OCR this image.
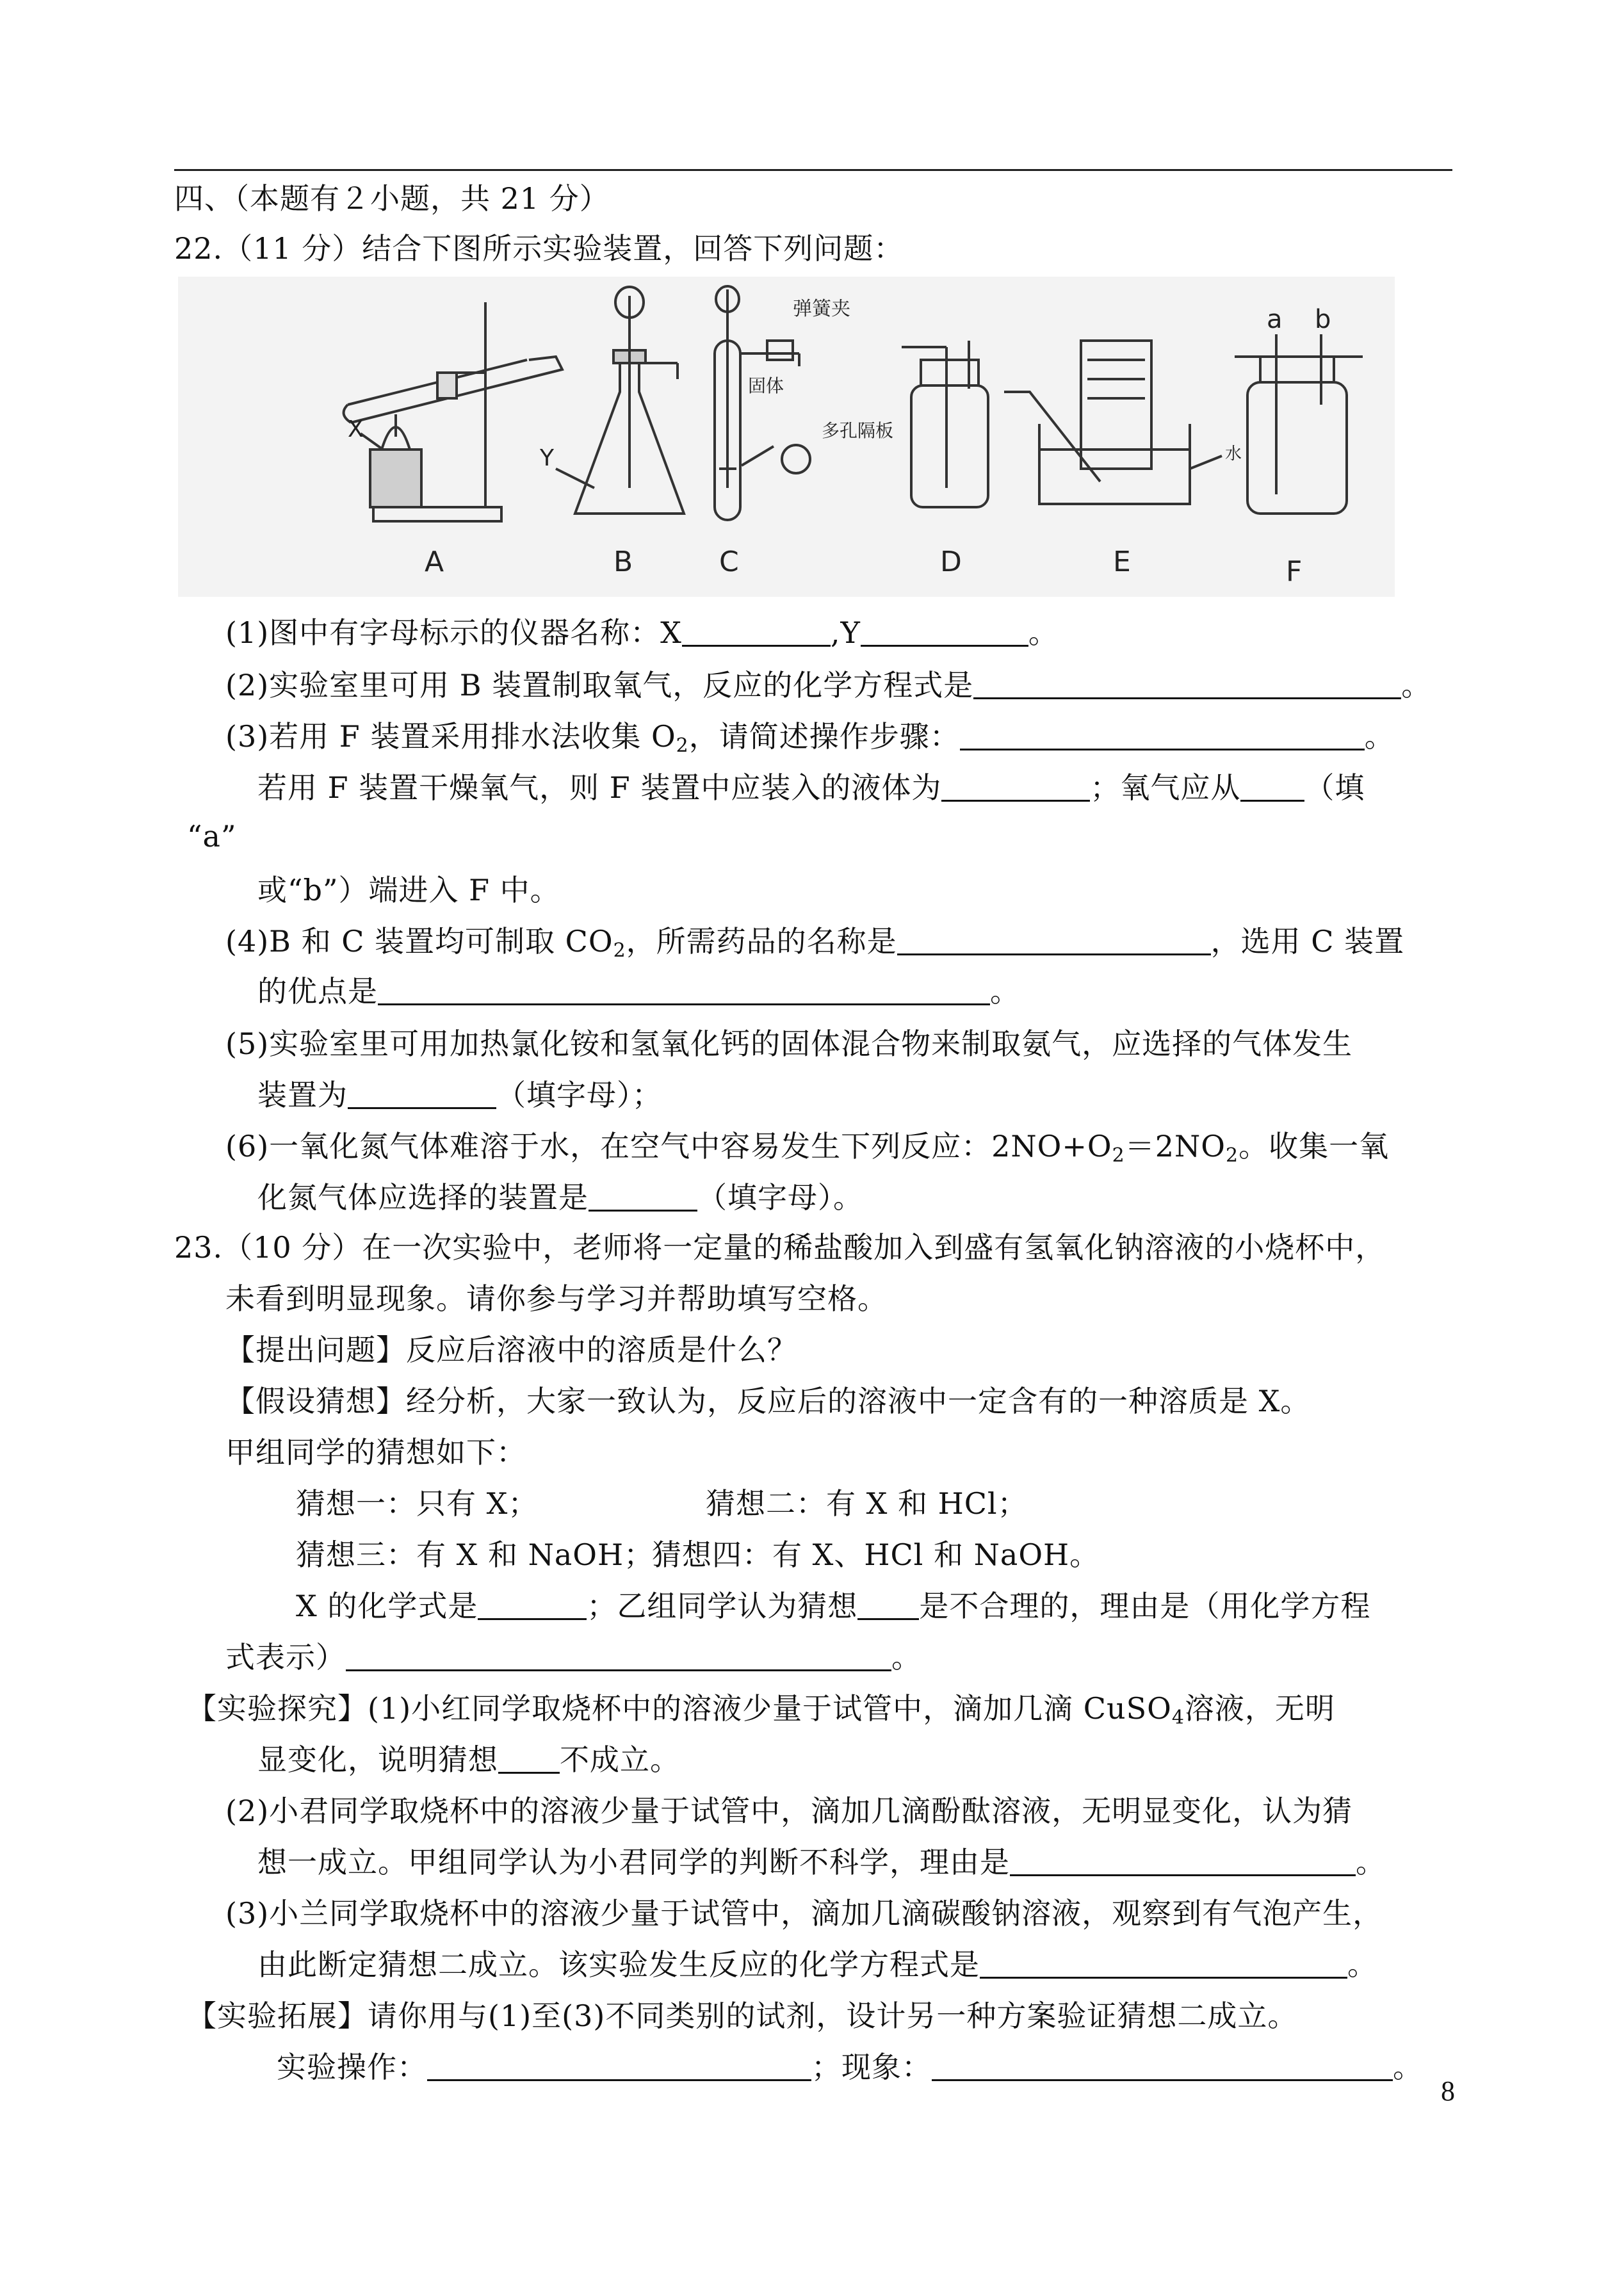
四、（本题有２小题，共 21 分）
22.（11 分）结合下图所示实验装置，回答下列问题：
A	B	C	D	E	F
X
Y
弹簧夹
固体
多孔隔板
水
a b
(1)图中有字母标示的仪器名称：X	,Y	。
(2)实验室里可用 B 装置制取氧气，反应的化学方程式是	。
(3)若用 F 装置采用排水法收集 $O_2$，请简述操作步骤：	。
若用 F 装置干燥氧气，则 F 装置中应装入的液体为	；氧气应从 （填
“a”
或“b”）端进入 F 中。
(4)B 和 C 装置均可制取 $CO_2$，所需药品的名称是	，选用 C 装置
的优点是	。
(5)实验室里可用加热氯化铵和氢氧化钙的固体混合物来制取氨气，应选择的气体发生
装置为	（填字母）；
(6)一氧化氮气体难溶于水，在空气中容易发生下列反应：$2NO+O_2=2NO_2$。收集一氧
化氮气体应选择的装置是	（填字母）。
23.（10 分）在一次实验中，老师将一定量的稀盐酸加入到盛有氢氧化钠溶液的小烧杯中，
未看到明显现象。请你参与学习并帮助填写空格。
【提出问题】反应后溶液中的溶质是什么？
【假设猜想】经分析，大家一致认为，反应后的溶液中一定含有的一种溶质是 X。
甲组同学的猜想如下：
猜想一：只有 X；	猜想二：有 X 和 HCl；
猜想三：有 X 和 NaOH；
猜想四：有 X、HCl 和 NaOH。
X 的化学式是	；乙组同学认为猜想 是不合理的，理由是（用化学方程
式表示）	。
【实验探究】(1)小红同学取烧杯中的溶液少量于试管中，滴加几滴 CuSO$_4$溶液，无明
显变化，说明猜想 不成立。
(2)小君同学取烧杯中的溶液少量于试管中，滴加几滴酚酞溶液，无明显变化，认为猜
想一成立。甲组同学认为小君同学的判断不科学，理由是	。
(3)小兰同学取烧杯中的溶液少量于试管中，滴加几滴碳酸钠溶液，观察到有气泡产生，
由此断定猜想二成立。该实验发生反应的化学方程式是	。
【实验拓展】请你用与(1)至(3)不同类别的试剂，设计另一种方案验证猜想二成立。
实验操作：	；现象：	。
8
